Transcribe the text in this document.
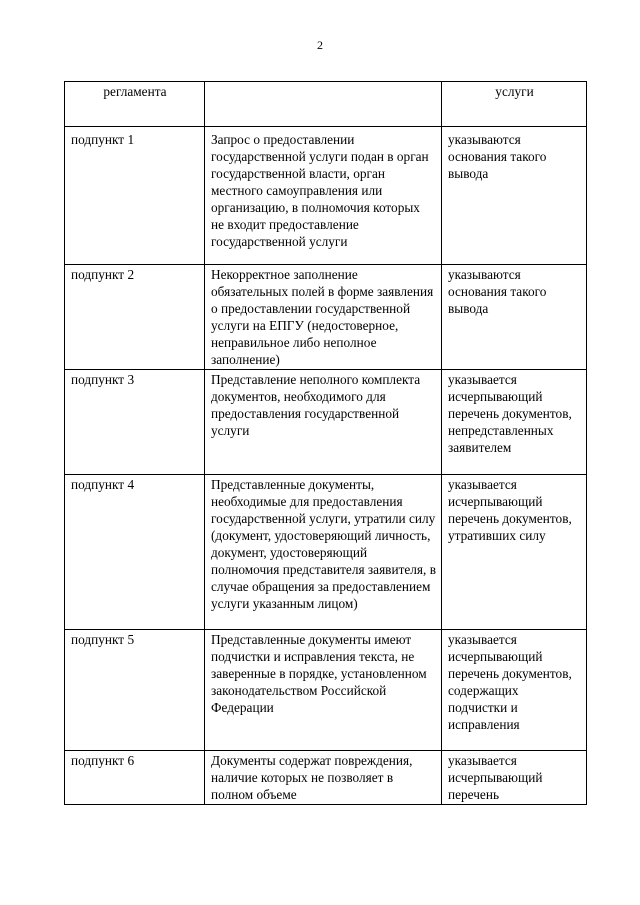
2
регламента		услуги
подпункт 1	Запрос о предоставлении государственной услуги подан в орган государственной власти, орган местного самоуправления или организацию, в полномочия которых не входит предоставление государственной услуги	указываются основания такого вывода
подпункт 2	Некорректное заполнение обязательных полей в форме заявления о предоставлении государственной услуги на ЕПГУ (недостоверное, неправильное либо неполное заполнение)	указываются основания такого вывода
подпункт 3	Представление неполного комплекта документов, необходимого для предоставления государственной услуги	указывается исчерпывающий перечень документов, непредставленных заявителем
подпункт 4	Представленные документы, необходимые для предоставления государственной услуги, утратили силу (документ, удостоверяющий личность, документ, удостоверяющий полномочия представителя заявителя, в случае обращения за предоставлением услуги указанным лицом)	указывается исчерпывающий перечень документов, утративших силу
подпункт 5	Представленные документы имеют подчистки и исправления текста, не заверенные в порядке, установленном законодательством Российской Федерации	указывается исчерпывающий перечень документов, содержащих подчистки и исправления
подпункт 6	Документы содержат повреждения, наличие которых не позволяет в полном объеме	указывается исчерпывающий перечень
